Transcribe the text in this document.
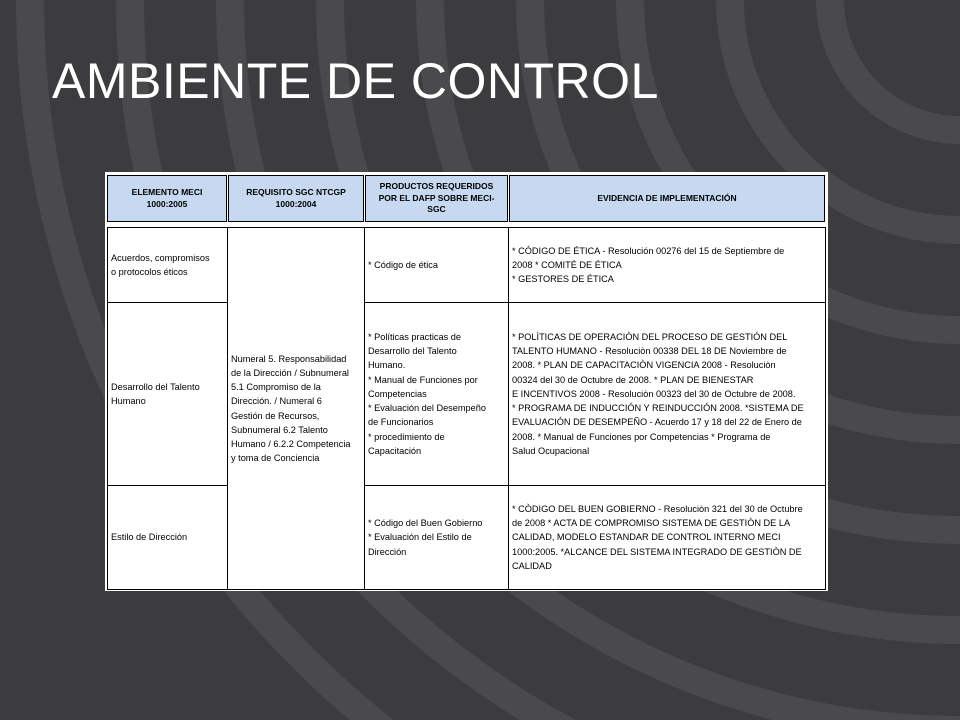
AMBIENTE DE CONTROL
ELEMENTO MECI 1000:2005
REQUISITO SGC NTCGP 1000:2004
PRODUCTOS REQUERIDOS POR EL DAFP SOBRE MECI-SGC
EVIDENCIA DE IMPLEMENTACIÓN
Acuerdos, compromisos
o protocolos éticos
Desarrollo del Talento
Humano
Estilo de Dirección
Numeral 5. Responsabilidad
de la Dirección / Subnumeral
5.1 Compromiso de la
Dirección. / Numeral 6
Gestión de Recursos,
Subnumeral 6.2 Talento
Humano / 6.2.2 Competencia
y toma de Conciencia
* Código de ética
* Políticas practicas de
Desarrollo del Talento
Humano.
* Manual de Funciones por
Competencias
* Evaluación del Desempeño
de Funcionarios
* procedimiento de
Capacitación
* Código del Buen Gobierno
* Evaluación del Estilo de
Dirección
* CÓDIGO DE ÉTICA - Resolución 00276 del 15 de Septiembre de
2008 * COMITÉ DE ÉTICA
* GESTORES DE ÉTICA
* POLÌTICAS DE OPERACIÒN DEL PROCESO DE GESTIÓN DEL
TALENTO HUMANO - Resoluciòn 00338 DEL 18 DE Noviembre de
2008. * PLAN DE CAPACITACIÒN VIGENCIA 2008 - Resoluciòn
00324 del 30 de Octubre de 2008. * PLAN DE BIENESTAR
E INCENTIVOS 2008 - Resoluciòn 00323 del 30 de Octubre de 2008.
* PROGRAMA DE INDUCCIÓN Y REINDUCCIÓN 2008. *SISTEMA DE
EVALUACIÓN DE DESEMPEÑO - Acuerdo 17 y 18 del 22 de Enero de
2008. * Manual de Funciones por Competencias * Programa de
Salud Ocupacional
* CÒDIGO DEL BUEN GOBIERNO - Resoluciòn 321 del 30 de Octubre
de 2008 * ACTA DE COMPROMISO SISTEMA DE GESTIÒN DE LA
CALIDAD, MODELO ESTANDAR DE CONTROL INTERNO MECI
1000:2005. *ALCANCE DEL SISTEMA INTEGRADO DE GESTIÒN DE
CALIDAD
